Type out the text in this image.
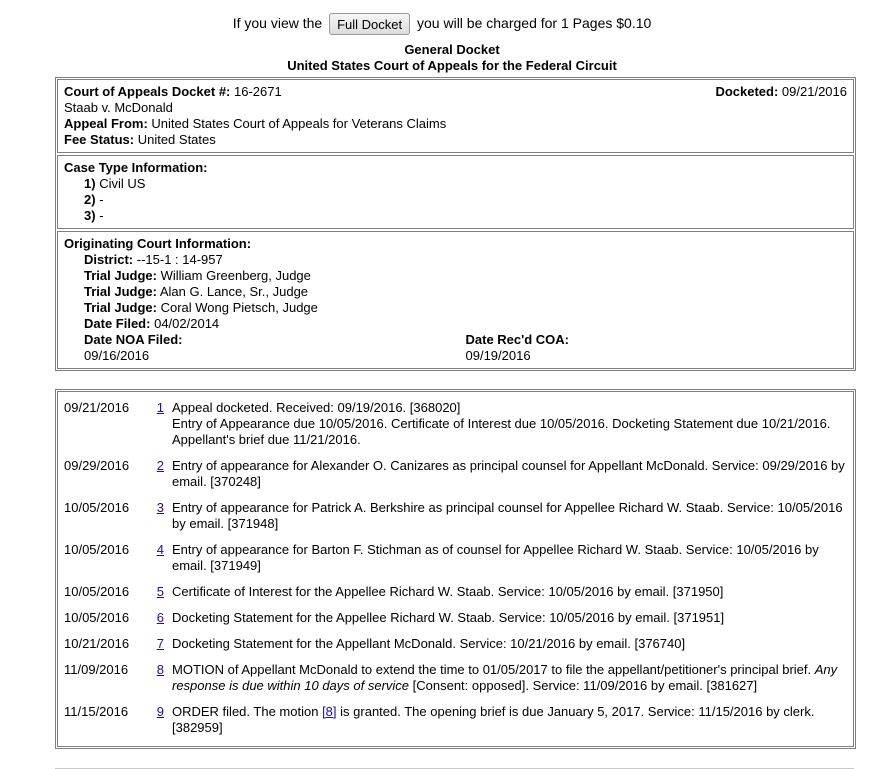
If you view the Full Docket you will be charged for 1 Pages $0.10
General Docket
United States Court of Appeals for the Federal Circuit
Court of Appeals Docket #: 16-2671	Docketed: 09/21/2016
Staab v. McDonald
Appeal From: United States Court of Appeals for Veterans Claims
Fee Status: United States
Case Type Information:
1) Civil US
2) -
3) -
Originating Court Information:
District: --15-1 : 14-957
Trial Judge: William Greenberg, Judge
Trial Judge: Alan G. Lance, Sr., Judge
Trial Judge: Coral Wong Pietsch, Judge
Date Filed: 04/02/2014
Date NOA Filed:	Date Rec'd COA:
09/16/2016	09/19/2016
09/21/2016	1	Appeal docketed. Received: 09/19/2016. [368020]
Entry of Appearance due 10/05/2016. Certificate of Interest due 10/05/2016. Docketing Statement due 10/21/2016. Appellant's brief due 11/21/2016.

09/29/2016	2	Entry of appearance for Alexander O. Canizares as principal counsel for Appellant McDonald. Service: 09/29/2016 by email. [370248]
10/05/2016	3	Entry of appearance for Patrick A. Berkshire as principal counsel for Appellee Richard W. Staab. Service: 10/05/2016 by email. [371948]
10/05/2016	4	Entry of appearance for Barton F. Stichman as of counsel for Appellee Richard W. Staab. Service: 10/05/2016 by email. [371949]
10/05/2016	5	Certificate of Interest for the Appellee Richard W. Staab. Service: 10/05/2016 by email. [371950]
10/05/2016	6	Docketing Statement for the Appellee Richard W. Staab. Service: 10/05/2016 by email. [371951]
10/21/2016	7	Docketing Statement for the Appellant McDonald. Service: 10/21/2016 by email. [376740]
11/09/2016	8	MOTION of Appellant McDonald to extend the time to 01/05/2017 to file the appellant/petitioner's principal brief. Any response is due within 10 days of service [Consent: opposed]. Service: 11/09/2016 by email. [381627]
11/15/2016	9	ORDER filed. The motion [8] is granted. The opening brief is due January 5, 2017. Service: 11/15/2016 by clerk. [382959]
